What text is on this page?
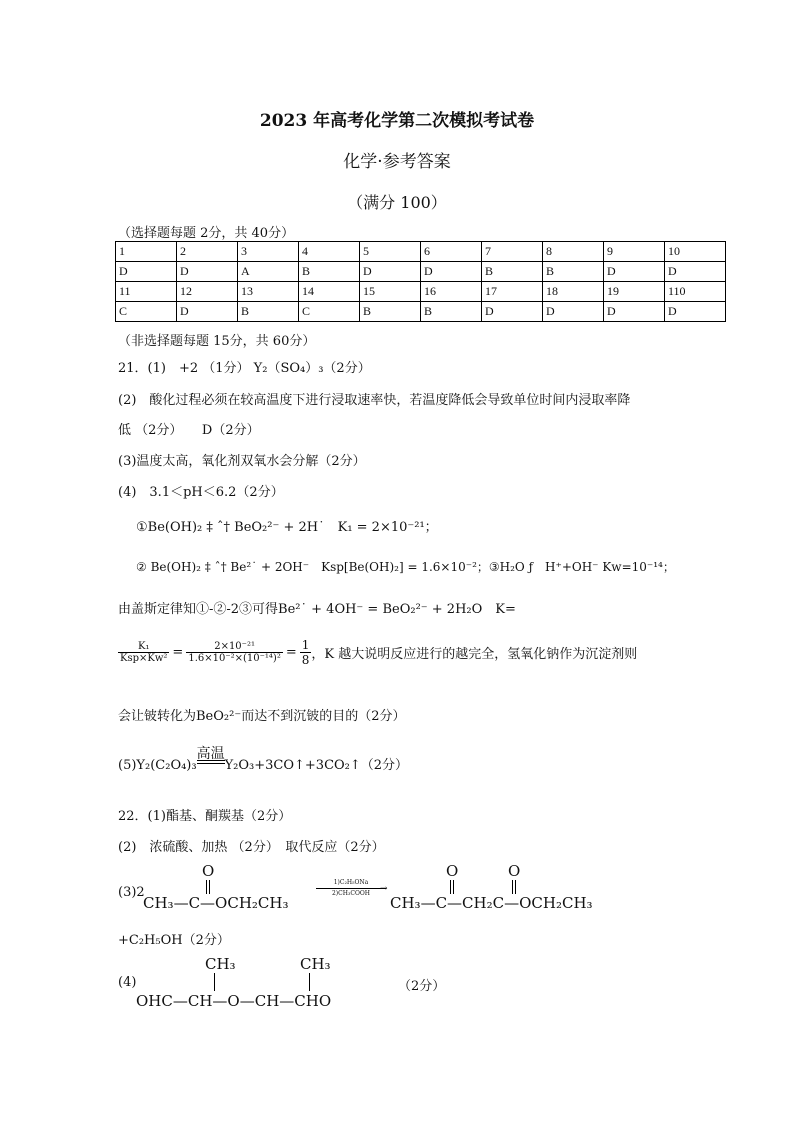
2023 年高考化学第二次模拟考试卷
化学·参考答案
（满分 100）
（选择题每题 2分，共 40分）
1	2	3	4	5	6	7	8	9	10
D	D	A	B	D	D	B	B	D	D
11	12	13	14	15	16	17	18	19	110
C	D	B	C	B	B	D	D	D	D
（非选择题每题 15分，共 60分）
21．(1)　+2 （1分） Y₂（SO₄）₃（2分）
(2)　酸化过程必须在较高温度下进行浸取速率快，若温度降低会导致单位时间内浸取率降
低 （2分）　　D（2分）
(3)温度太高，氧化剂双氧水会分解（2分）
(4)　3.1＜pH＜6.2（2分）
①Be(OH)₂ ‡ ˆ† BeO₂²⁻ + 2H˙　K₁ = 2×10⁻²¹；
② Be(OH)₂ ‡ ˆ† Be²˙ + 2OH⁻　Ksp[Be(OH)₂] = 1.6×10⁻²；③H₂O ƒ　H⁺+OH⁻ Kw=10⁻¹⁴；
由盖斯定律知①-②-2③可得Be²˙ + 4OH⁻ = BeO₂²⁻ + 2H₂O　K=
$\frac{\text{K₁}}{\text{Ksp×Kw²}} = \frac{\text{2×10⁻²¹}}{\text{1.6×10⁻²×(10⁻¹⁴)²}} = \frac{1}{8}$ ，K 越大说明反应进行的越完全，氢氧化钠作为沉淀剂则
会让铍转化为BeO₂²⁻而达不到沉铍的目的（2分）
(5)Y₂(C₂O₄)₃
高温
Y₂O₃+3CO↑+3CO₂↑（2分）
22．(1)酯基、酮羰基（2分）
(2)　浓硫酸、加热 （2分）　取代反应（2分）
(3)2
O
CH₃—C—OCH₂CH₃
1)C₂H₅ONa
→
2)CH₃COOH
O	O
CH₃—C—CH₂C—OCH₂CH₃
+C₂H₅OH（2分）
(4)
CH₃	CH₃
OHC—CH—O—CH—CHO
（2分）
